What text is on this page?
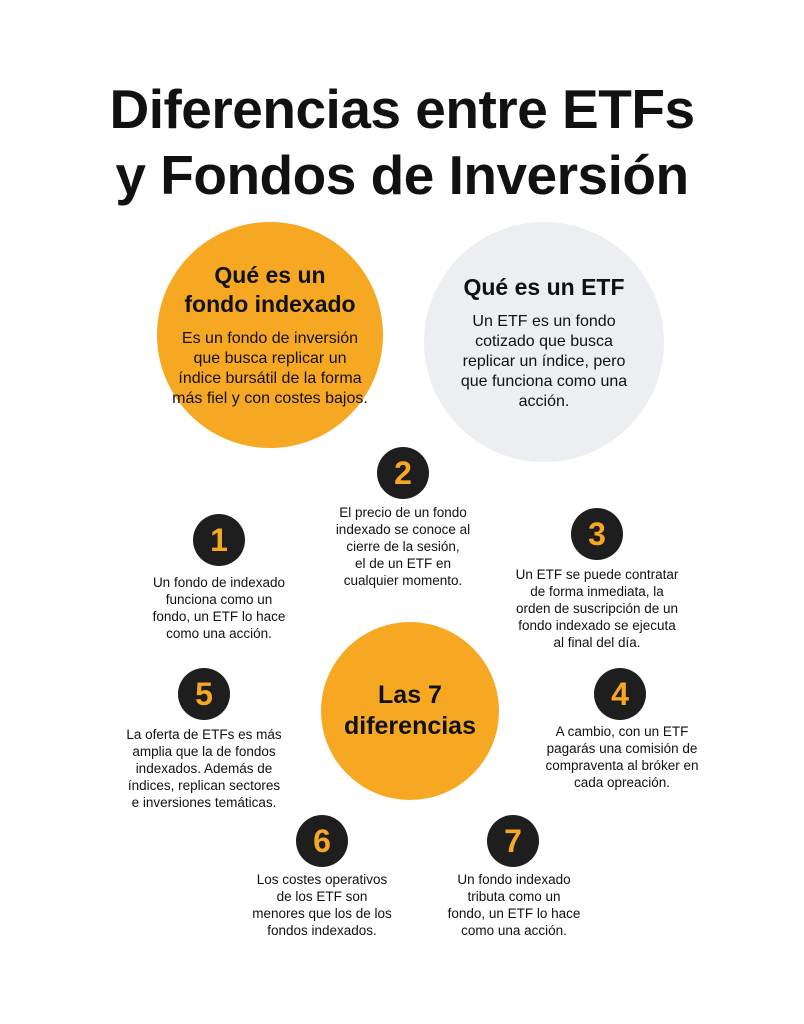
Diferencias entre ETFs
y Fondos de Inversión
Qué es un
fondo indexado
Es un fondo de inversión
que busca replicar un
índice bursátil de la forma
más fiel y con costes bajos.
Qué es un ETF
Un ETF es un fondo
cotizado que busca
replicar un índice, pero
que funciona como una
acción.
Las 7
diferencias
1
Un fondo de indexado
funciona como un
fondo, un ETF lo hace
como una acción.
2
El precio de un fondo
indexado se conoce al
cierre de la sesión,
el de un ETF en
cualquier momento.
3
Un ETF se puede contratar
de forma inmediata, la
orden de suscripción de un
fondo indexado se ejecuta
al final del día.
4
A cambio, con un ETF
pagarás una comisión de
compraventa al bróker en
cada opreación.
5
La oferta de ETFs es más
amplia que la de fondos
indexados. Además de
índices, replican sectores
e inversiones temáticas.
6
Los costes operativos
de los ETF son
menores que los de los
fondos indexados.
7
Un fondo indexado
tributa como un
fondo, un ETF lo hace
como una acción.
